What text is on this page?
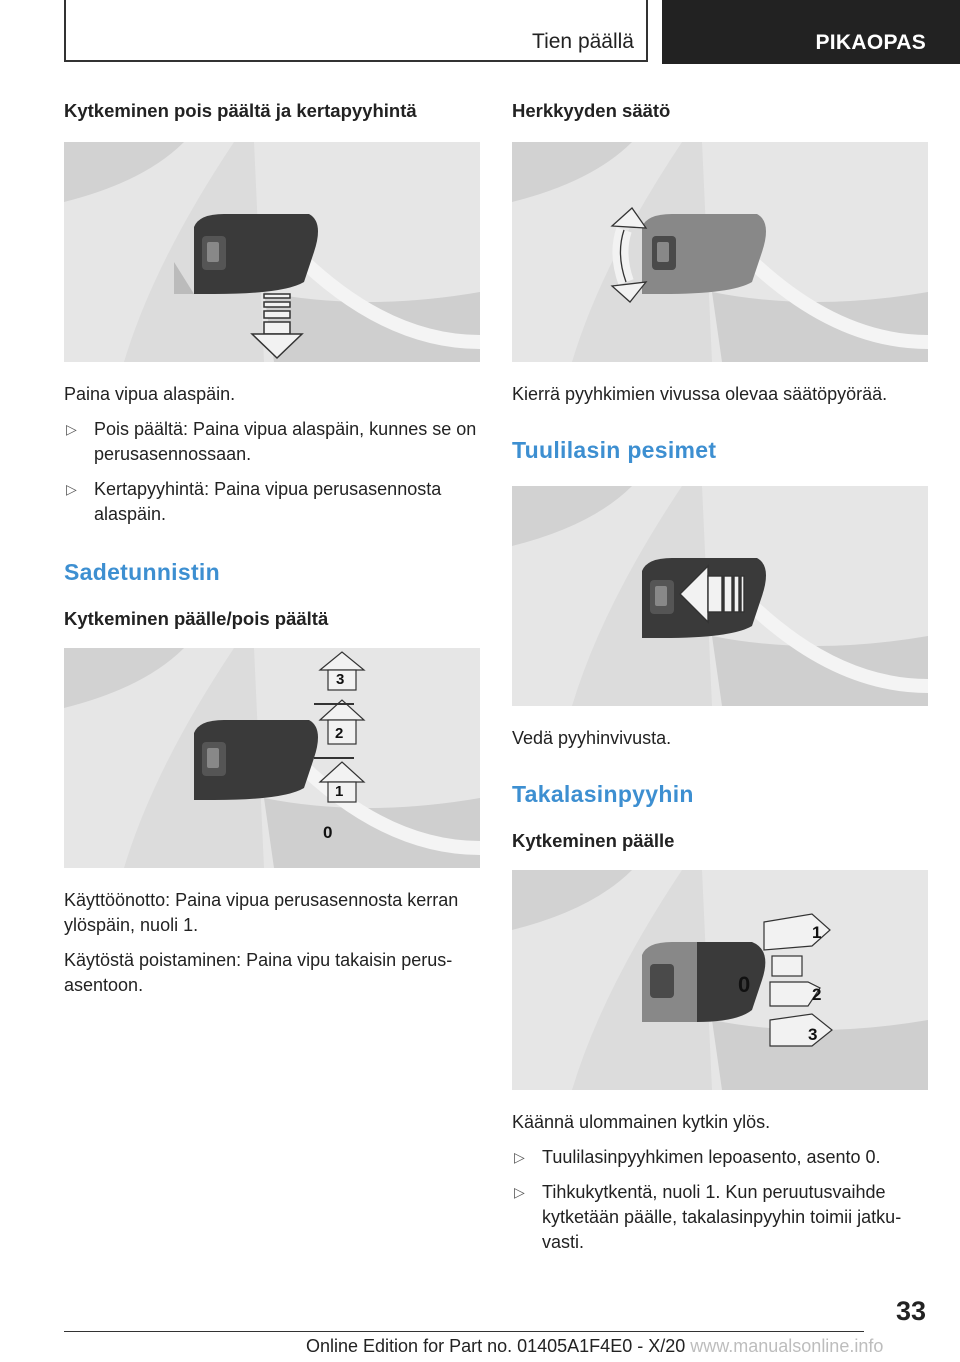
Tien päällä	PIKAOPAS
Kytkeminen pois päältä ja kertapyyhintä
Paina vipua alaspäin.
▷ Pois päältä: Paina vipua alaspäin, kunnes se on perusasennossaan.
▷ Kertapyyhintä: Paina vipua perusasennosta alaspäin.
Sadetunnistin
Kytkeminen päälle/pois päältä
3
2
1
0
Käyttöönotto: Paina vipua perusasennosta kerran ylöspäin, nuoli 1.
Käytöstä poistaminen: Paina vipu takaisin perusasentoon.
Herkkyyden säätö
Kierrä pyyhkimien vivussa olevaa säätöpyörää.
Tuulilasin pesimet
Vedä pyyhinvivusta.
Takalasinpyyhin
Kytkeminen päälle
1
0	2
3
Käännä ulommainen kytkin ylös.
▷ Tuulilasinpyyhkimen lepoasento, asento 0.
▷ Tihkukytkentä, nuoli 1. Kun peruutusvaihde kytketään päälle, takalasinpyyhin toimii jatkuvasti.
33
Online Edition for Part no. 01405A1F4E0 - X/20 www.manualsonline.info
